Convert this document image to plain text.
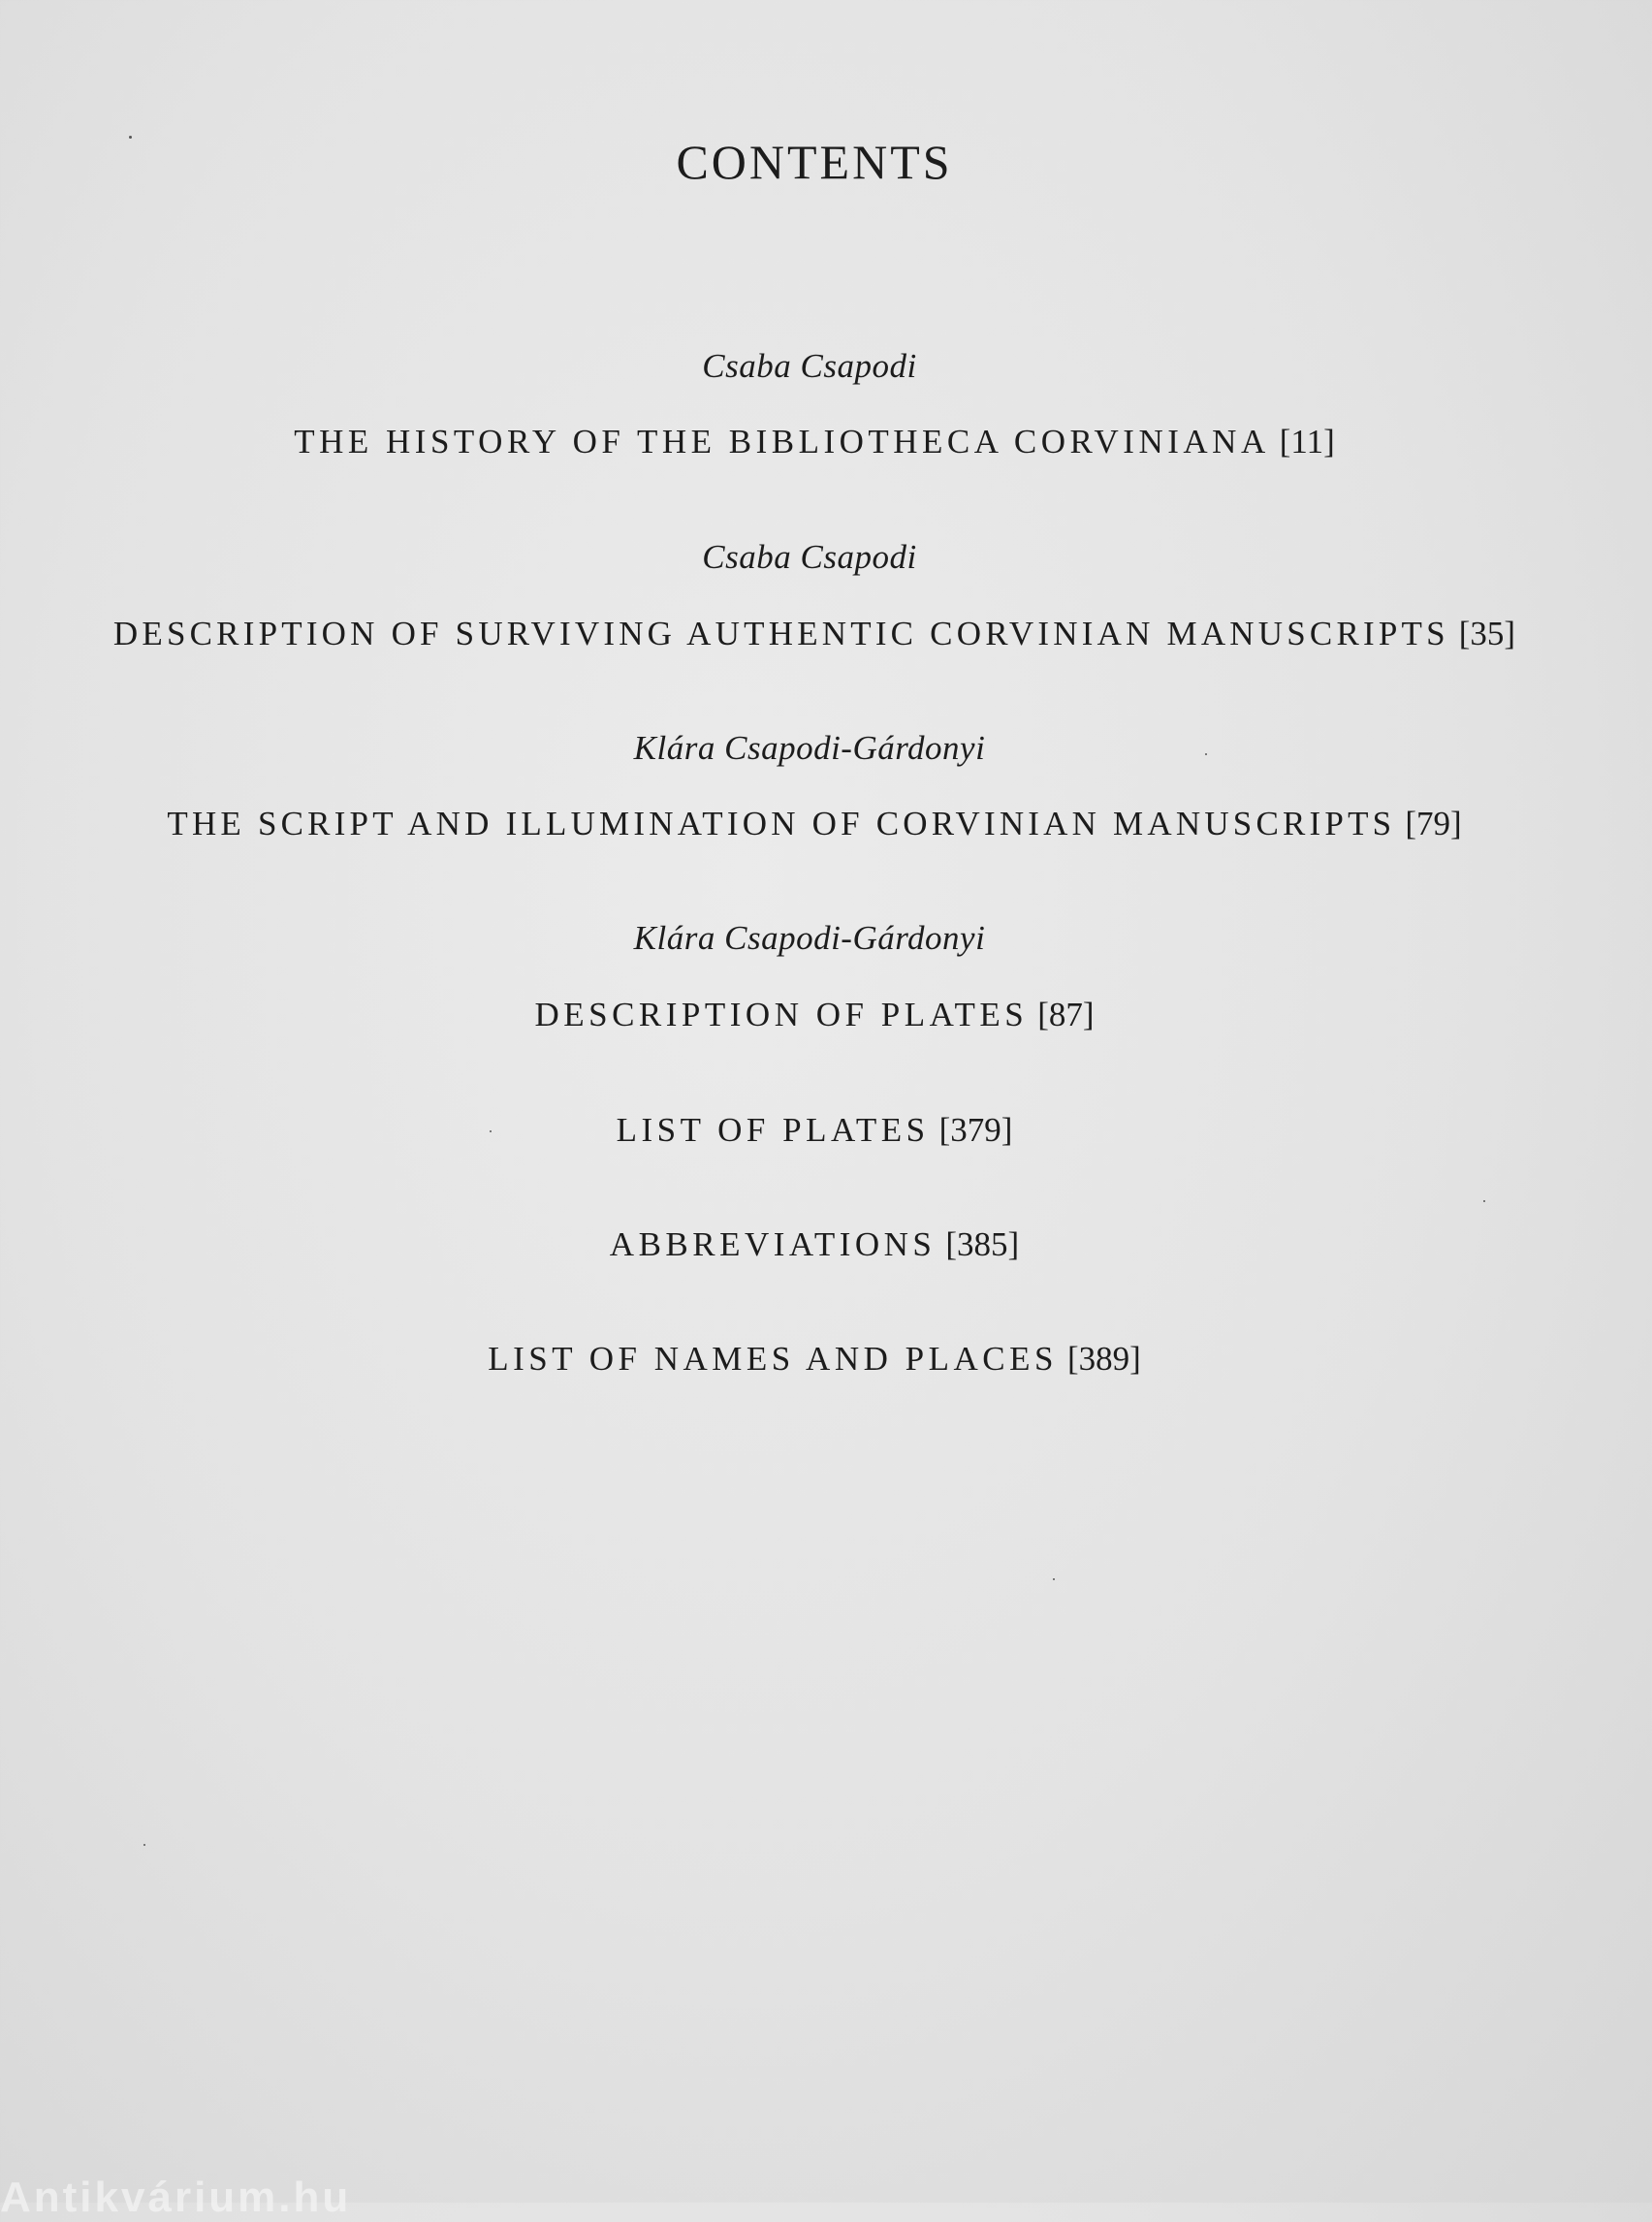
CONTENTS
Csaba Csapodi
THE HISTORY OF THE BIBLIOTHECA CORVINIANA [11]
Csaba Csapodi
DESCRIPTION OF SURVIVING AUTHENTIC CORVINIAN MANUSCRIPTS [35]
Klára Csapodi-Gárdonyi
THE SCRIPT AND ILLUMINATION OF CORVINIAN MANUSCRIPTS [79]
Klára Csapodi-Gárdonyi
DESCRIPTION OF PLATES [87]
LIST OF PLATES [379]
ABBREVIATIONS [385]
LIST OF NAMES AND PLACES [389]
Antikvárium.hu
